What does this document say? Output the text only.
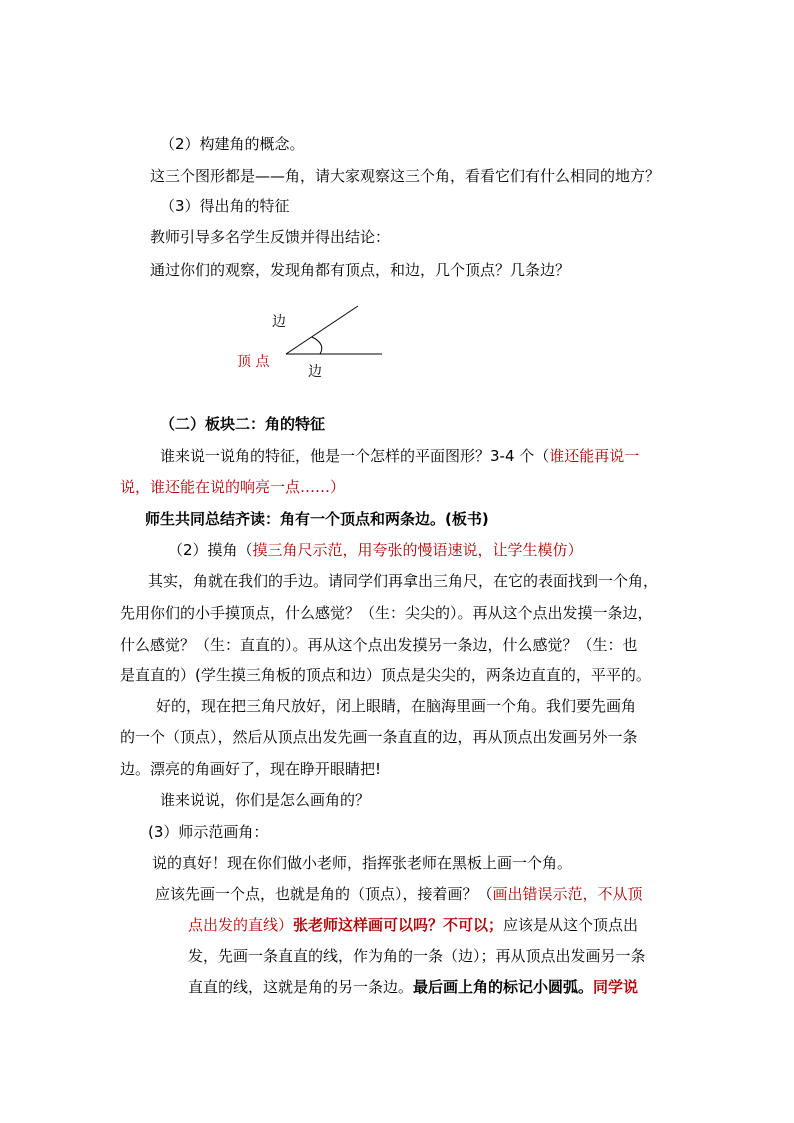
（2）构建角的概念。
这三个图形都是——角，请大家观察这三个角，看看它们有什么相同的地方？
（3）得出角的特征
教师引导多名学生反馈并得出结论：
通过你们的观察，发现角都有顶点，和边，几个顶点？几条边？
边
顶 点
边
（二）板块二：角的特征
谁来说一说角的特征，他是一个怎样的平面图形？3-4 个（谁还能再说一
说，谁还能在说的响亮一点……）
师生共同总结齐读：角有一个顶点和两条边。(板书)
（2）摸角（摸三角尺示范，用夸张的慢语速说，让学生模仿）
其实，角就在我们的手边。请同学们再拿出三角尺，在它的表面找到一个角，
先用你们的小手摸顶点，什么感觉？（生：尖尖的）。再从这个点出发摸一条边，
什么感觉？（生：直直的）。再从这个点出发摸另一条边，什么感觉？（生：也
是直直的）(学生摸三角板的顶点和边）顶点是尖尖的，两条边直直的，平平的。
好的，现在把三角尺放好，闭上眼睛，在脑海里画一个角。我们要先画角
的一个（顶点），然后从顶点出发先画一条直直的边，再从顶点出发画另外一条
边。漂亮的角画好了，现在睁开眼睛把!
谁来说说，你们是怎么画角的？
(3）师示范画角：
说的真好！现在你们做小老师，指挥张老师在黑板上画一个角。
应该先画一个点，也就是角的（顶点），接着画？（画出错误示范，不从顶
点出发的直线）张老师这样画可以吗？不可以；应该是从这个顶点出
发，先画一条直直的线，作为角的一条（边）；再从顶点出发画另一条
直直的线，这就是角的另一条边。最后画上角的标记小圆弧。同学说
